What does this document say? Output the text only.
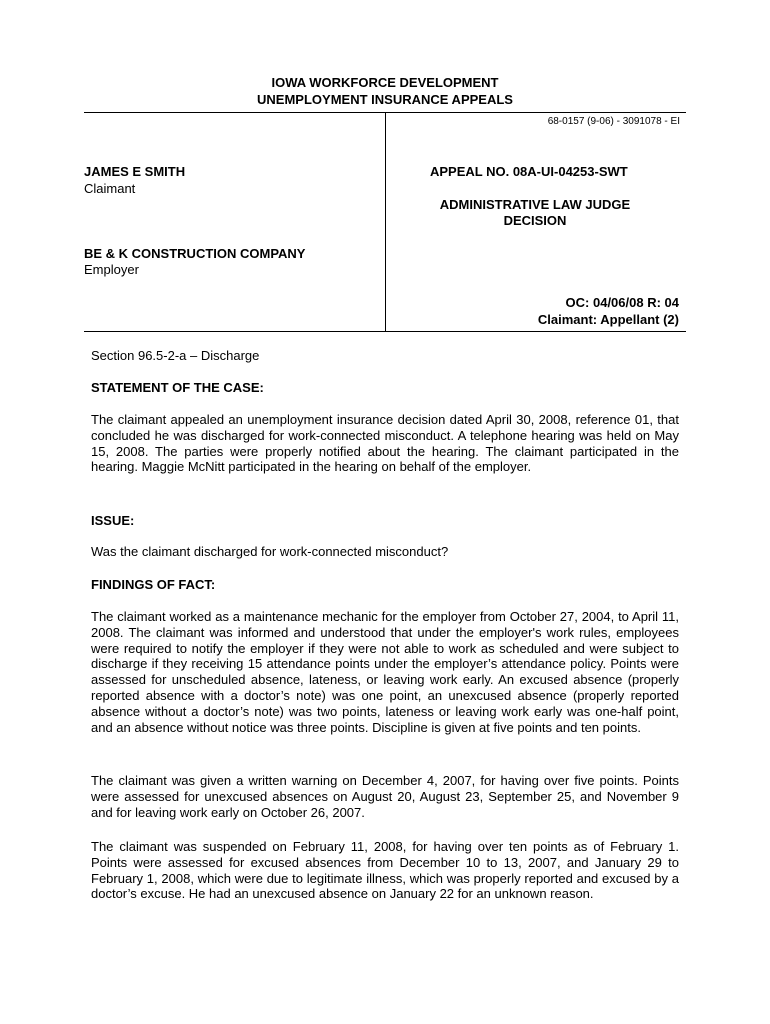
IOWA WORKFORCE DEVELOPMENT
UNEMPLOYMENT INSURANCE APPEALS
68-0157 (9-06) - 3091078 - EI
JAMES E SMITH
Claimant
BE & K CONSTRUCTION COMPANY
Employer
APPEAL NO. 08A-UI-04253-SWT
ADMINISTRATIVE LAW JUDGE
DECISION
OC: 04/06/08 R: 04
Claimant: Appellant (2)
Section 96.5-2-a – Discharge
STATEMENT OF THE CASE:
The claimant appealed an unemployment insurance decision dated April 30, 2008, reference 01, that concluded he was discharged for work-connected misconduct. A telephone hearing was held on May 15, 2008. The parties were properly notified about the hearing. The claimant participated in the hearing. Maggie McNitt participated in the hearing on behalf of the employer.
ISSUE:
Was the claimant discharged for work-connected misconduct?
FINDINGS OF FACT:
The claimant worked as a maintenance mechanic for the employer from October 27, 2004, to April 11, 2008. The claimant was informed and understood that under the employer's work rules, employees were required to notify the employer if they were not able to work as scheduled and were subject to discharge if they receiving 15 attendance points under the employer’s attendance policy. Points were assessed for unscheduled absence, lateness, or leaving work early. An excused absence (properly reported absence with a doctor’s note) was one point, an unexcused absence (properly reported absence without a doctor’s note) was two points, lateness or leaving work early was one-half point, and an absence without notice was three points. Discipline is given at five points and ten points.
The claimant was given a written warning on December 4, 2007, for having over five points. Points were assessed for unexcused absences on August 20, August 23, September 25, and November 9 and for leaving work early on October 26, 2007.
The claimant was suspended on February 11, 2008, for having over ten points as of February 1. Points were assessed for excused absences from December 10 to 13, 2007, and January 29 to February 1, 2008, which were due to legitimate illness, which was properly reported and excused by a doctor’s excuse. He had an unexcused absence on January 22 for an unknown reason.
